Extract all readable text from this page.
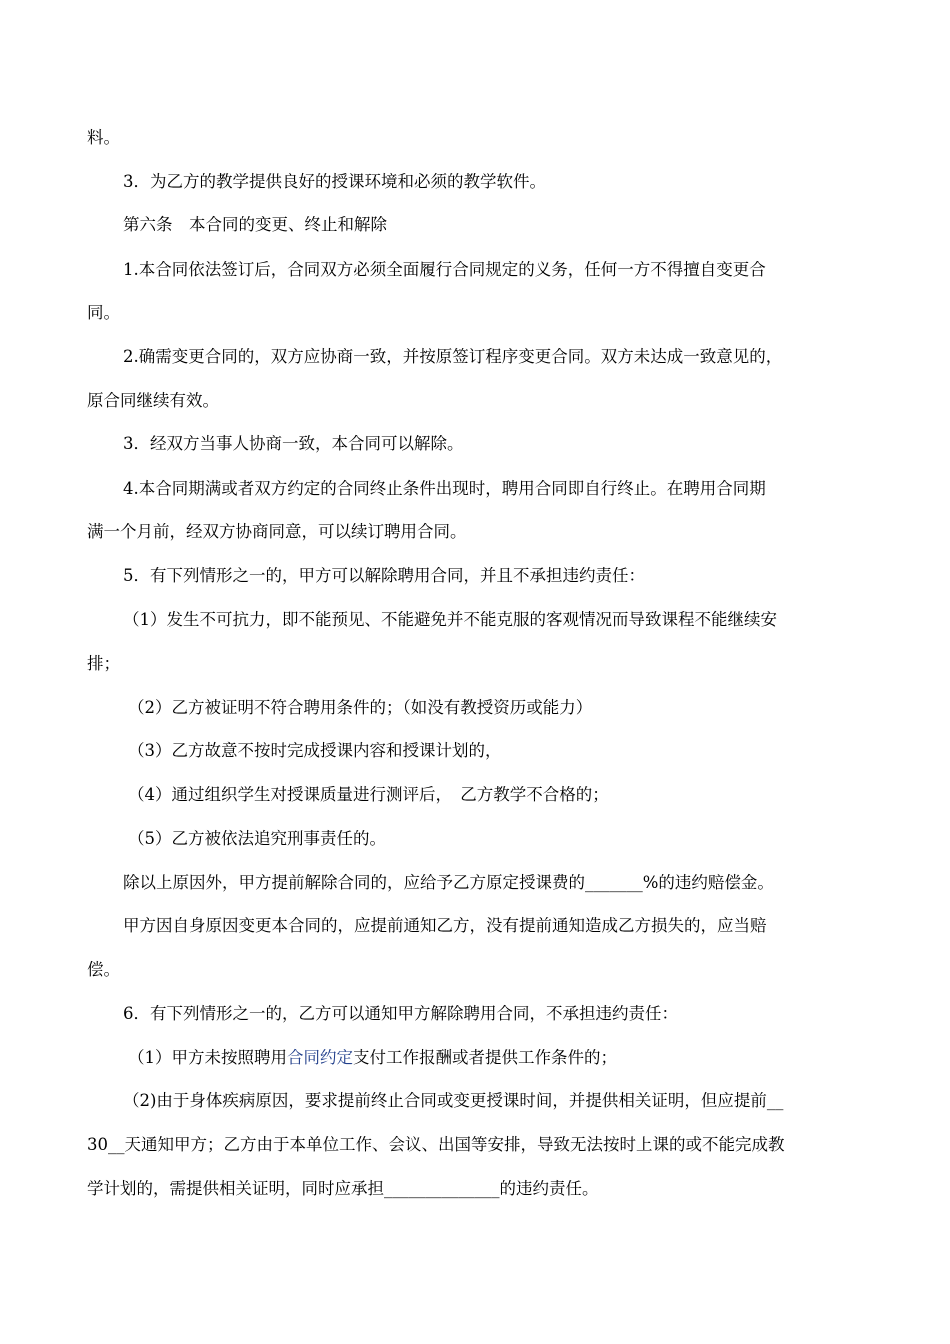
料。
3．为乙方的教学提供良好的授课环境和必须的教学软件。
第六条　本合同的变更、终止和解除
1.本合同依法签订后，合同双方必须全面履行合同规定的义务，任何一方不得擅自变更合
同。
2.确需变更合同的，双方应协商一致，并按原签订程序变更合同。双方未达成一致意见的，
原合同继续有效。
3．经双方当事人协商一致，本合同可以解除。
4.本合同期满或者双方约定的合同终止条件出现时，聘用合同即自行终止。在聘用合同期
满一个月前，经双方协商同意，可以续订聘用合同。
5．有下列情形之一的，甲方可以解除聘用合同，并且不承担违约责任：
（1）发生不可抗力，即不能预见、不能避免并不能克服的客观情况而导致课程不能继续安
排；
（2）乙方被证明不符合聘用条件的；（如没有教授资历或能力）
（3）乙方故意不按时完成授课内容和授课计划的，
（4）通过组织学生对授课质量进行测评后，　乙方教学不合格的；
（5）乙方被依法追究刑事责任的。
除以上原因外，甲方提前解除合同的，应给予乙方原定授课费的_______%的违约赔偿金。
甲方因自身原因变更本合同的，应提前通知乙方，没有提前通知造成乙方损失的，应当赔
偿。
6．有下列情形之一的，乙方可以通知甲方解除聘用合同，不承担违约责任：
（1）甲方未按照聘用合同约定支付工作报酬或者提供工作条件的；
（2)由于身体疾病原因，要求提前终止合同或变更授课时间，并提供相关证明，但应提前__
30__天通知甲方；乙方由于本单位工作、会议、出国等安排，导致无法按时上课的或不能完成教
学计划的，需提供相关证明，同时应承担______________的违约责任。
